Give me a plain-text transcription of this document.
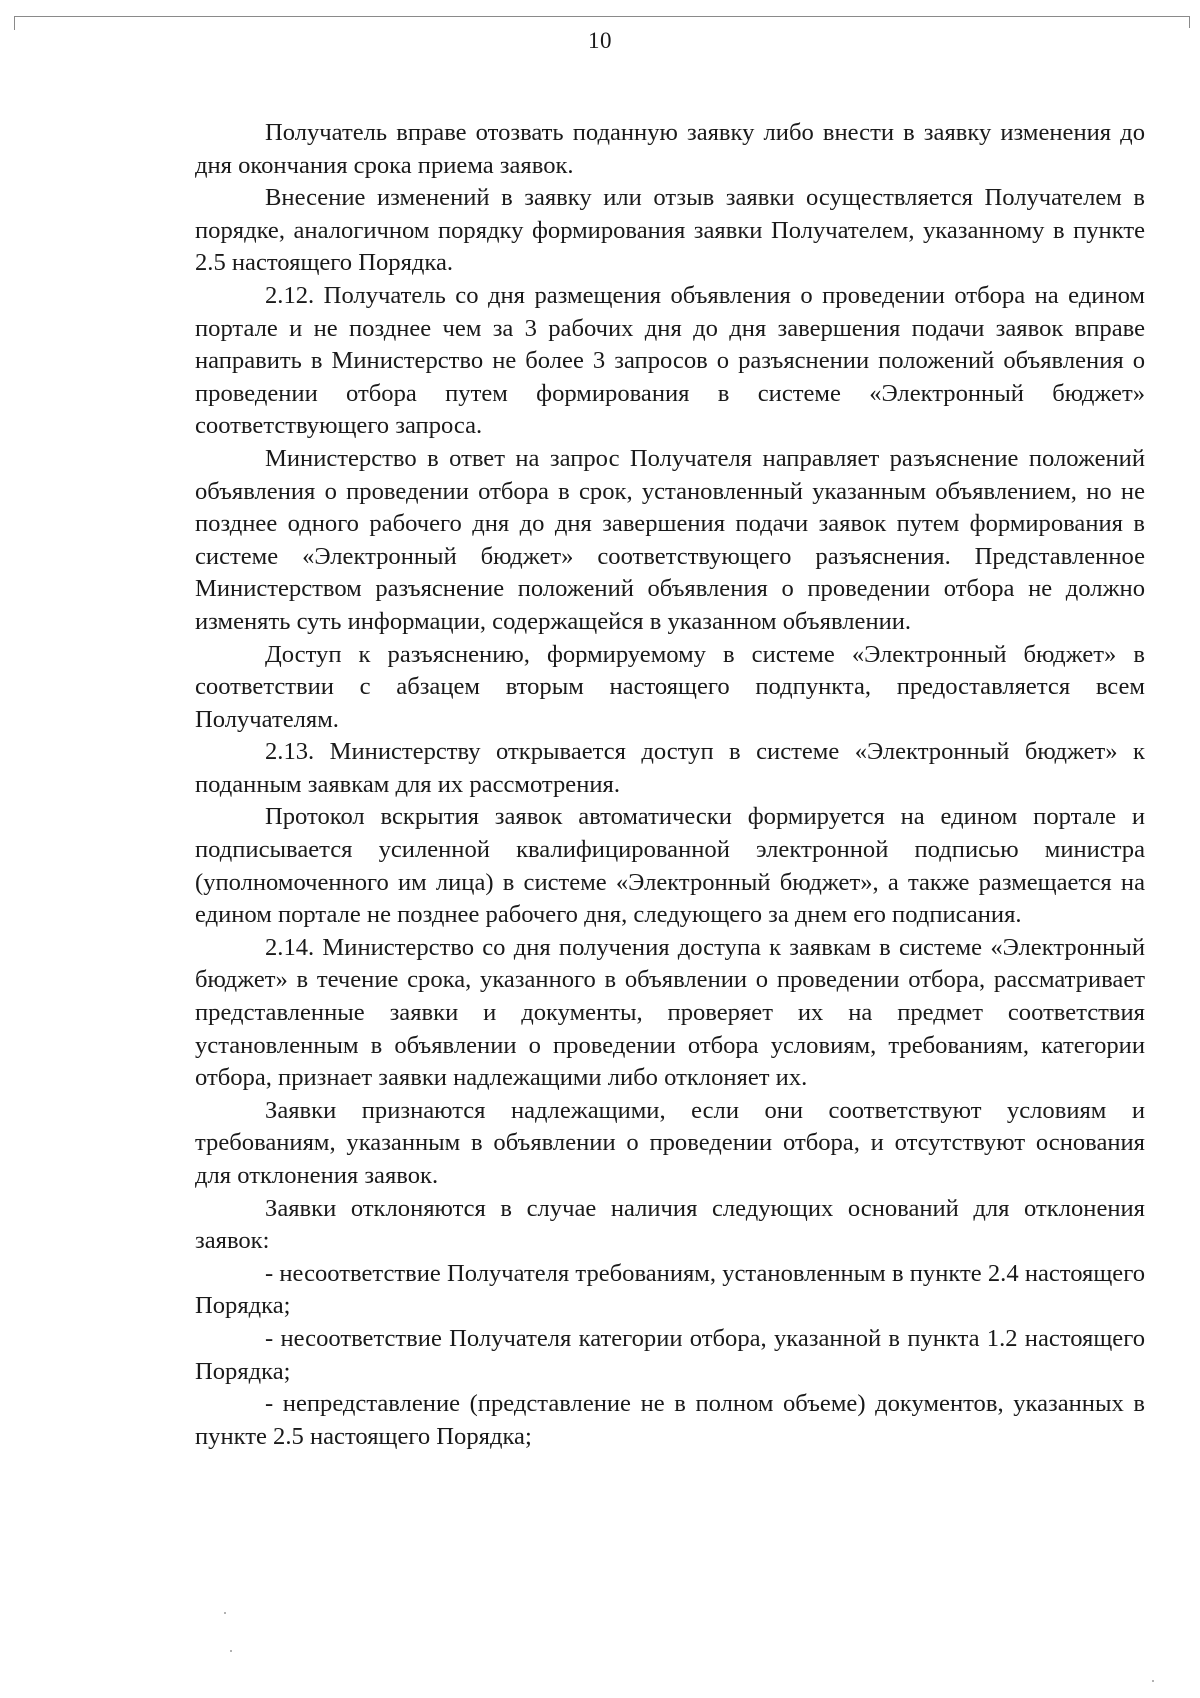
10

Получатель вправе отозвать поданную заявку либо внести в заявку изменения до дня окончания срока приема заявок.

Внесение изменений в заявку или отзыв заявки осуществляется Получателем в порядке, аналогичном порядку формирования заявки Получателем, указанному в пункте 2.5 настоящего Порядка.

2.12. Получатель со дня размещения объявления о проведении отбора на едином портале и не позднее чем за 3 рабочих дня до дня завершения подачи заявок вправе направить в Министерство не более 3 запросов о разъяснении положений объявления о проведении отбора путем формирования в системе «Электронный бюджет» соответствующего запроса.

Министерство в ответ на запрос Получателя направляет разъяснение положений объявления о проведении отбора в срок, установленный указанным объявлением, но не позднее одного рабочего дня до дня завершения подачи заявок путем формирования в системе «Электронный бюджет» соответствующего разъяснения. Представленное Министерством разъяснение положений объявления о проведении отбора не должно изменять суть информации, содержащейся в указанном объявлении.

Доступ к разъяснению, формируемому в системе «Электронный бюджет» в соответствии с абзацем вторым настоящего подпункта, предоставляется всем Получателям.

2.13. Министерству открывается доступ в системе «Электронный бюджет» к поданным заявкам для их рассмотрения.

Протокол вскрытия заявок автоматически формируется на едином портале и подписывается усиленной квалифицированной электронной подписью министра (уполномоченного им лица) в системе «Электронный бюджет», а также размещается на едином портале не позднее рабочего дня, следующего за днем его подписания.

2.14. Министерство со дня получения доступа к заявкам в системе «Электронный бюджет» в течение срока, указанного в объявлении о проведении отбора, рассматривает представленные заявки и документы, проверяет их на предмет соответствия установленным в объявлении о проведении отбора условиям, требованиям, категории отбора, признает заявки надлежащими либо отклоняет их.

Заявки признаются надлежащими, если они соответствуют условиям и требованиям, указанным в объявлении о проведении отбора, и отсутствуют основания для отклонения заявок.

Заявки отклоняются в случае наличия следующих оснований для отклонения заявок:

- несоответствие Получателя требованиям, установленным в пункте 2.4 настоящего Порядка;

- несоответствие Получателя категории отбора, указанной в пункта 1.2 настоящего Порядка;

- непредставление (представление не в полном объеме) документов, указанных в пункте 2.5 настоящего Порядка;
